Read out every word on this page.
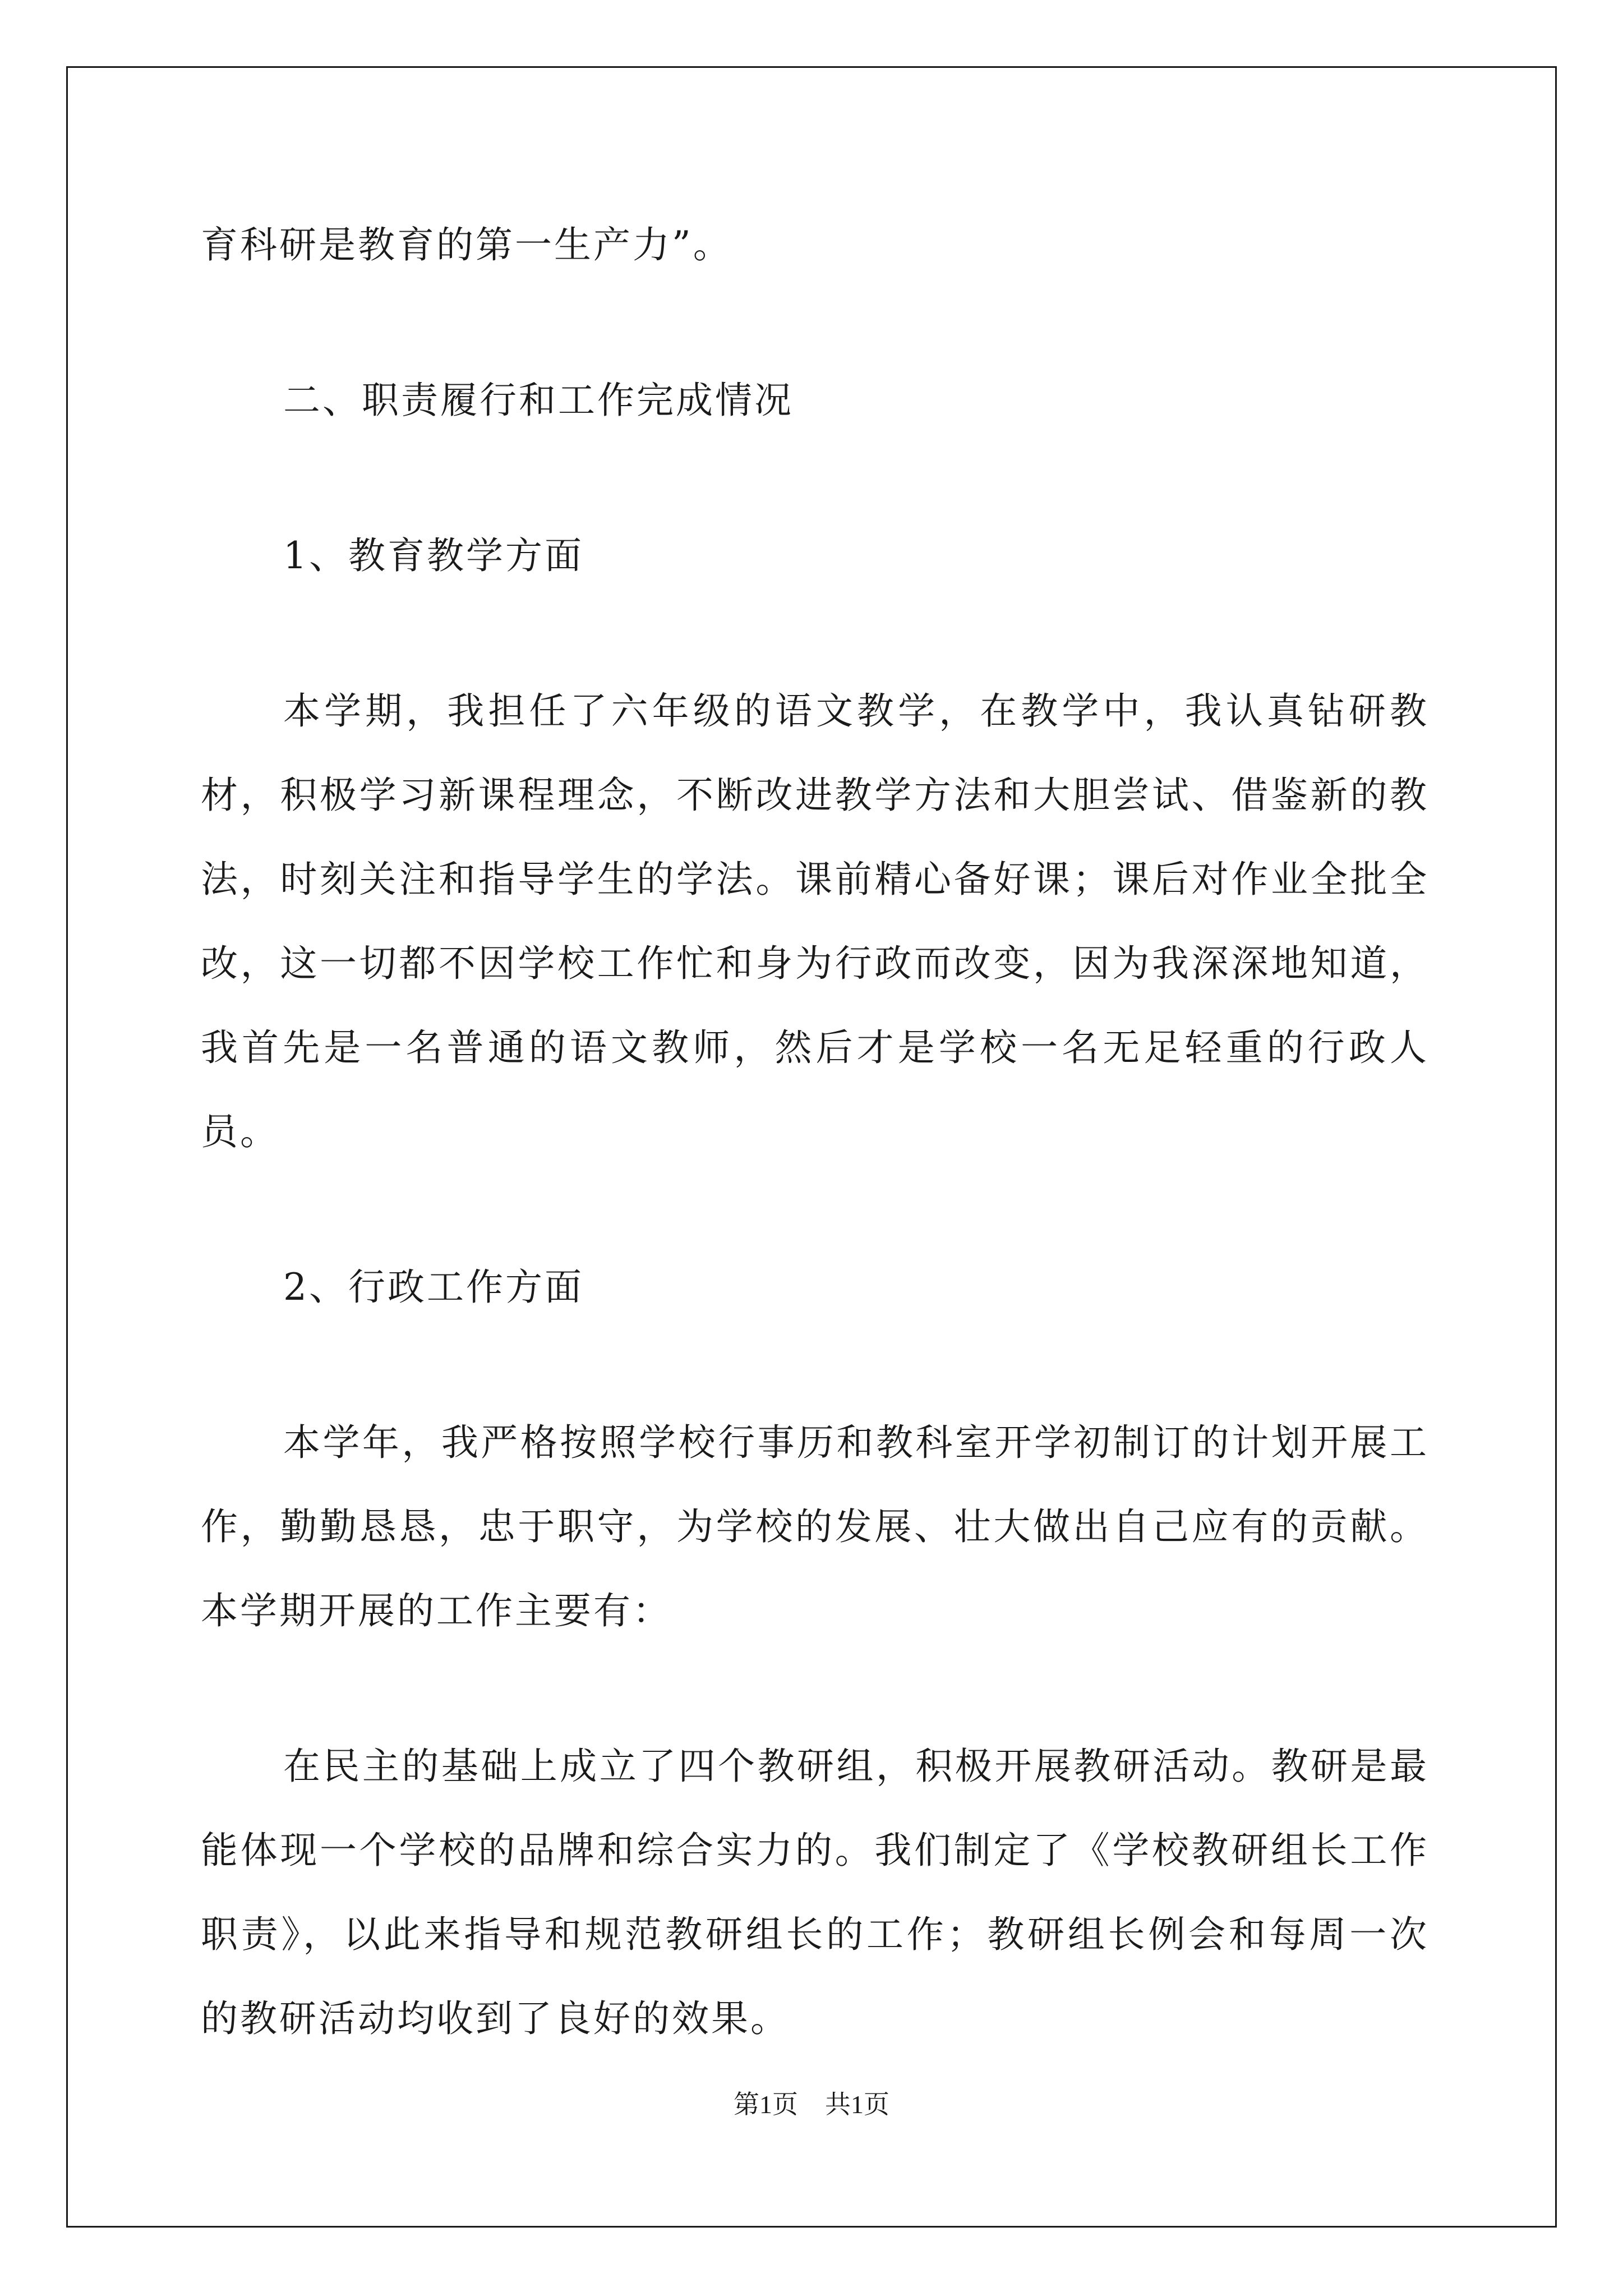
育科研是教育的第一生产力”。

二、职责履行和工作完成情况

1、教育教学方面

本学期，我担任了六年级的语文教学，在教学中，我认真钻研教材，积极学习新课程理念，不断改进教学方法和大胆尝试、借鉴新的教法，时刻关注和指导学生的学法。课前精心备好课；课后对作业全批全改，这一切都不因学校工作忙和身为行政而改变，因为我深深地知道，我首先是一名普通的语文教师，然后才是学校一名无足轻重的行政人员。

2、行政工作方面

本学年，我严格按照学校行事历和教科室开学初制订的计划开展工作，勤勤恳恳，忠于职守，为学校的发展、壮大做出自己应有的贡献。本学期开展的工作主要有：

在民主的基础上成立了四个教研组，积极开展教研活动。教研是最能体现一个学校的品牌和综合实力的。我们制定了《学校教研组长工作职责》，以此来指导和规范教研组长的工作；教研组长例会和每周一次的教研活动均收到了良好的效果。

第1页 共1页
